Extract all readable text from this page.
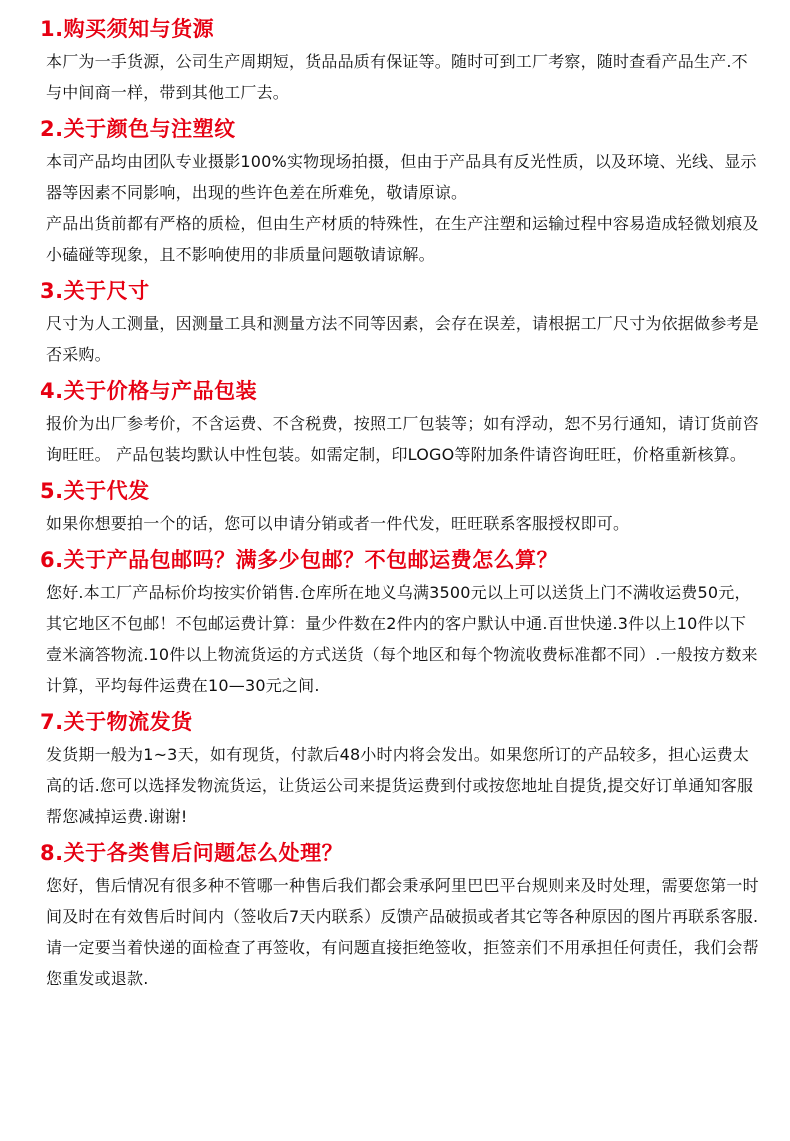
1.购买须知与货源
本厂为一手货源，公司生产周期短，货品品质有保证等。随时可到工厂考察，随时查看产品生产.不与中间商一样，带到其他工厂去。
2.关于颜色与注塑纹
本司产品均由团队专业摄影100%实物现场拍摄，但由于产品具有反光性质，以及环境、光线、显示器等因素不同影响，出现的些许色差在所难免，敬请原谅。
产品出货前都有严格的质检，但由生产材质的特殊性，在生产注塑和运输过程中容易造成轻微划痕及小磕碰等现象，且不影响使用的非质量问题敬请谅解。
3.关于尺寸
尺寸为人工测量，因测量工具和测量方法不同等因素，会存在误差，请根据工厂尺寸为依据做参考是否采购。
4.关于价格与产品包装
报价为出厂参考价，不含运费、不含税费，按照工厂包装等；如有浮动，恕不另行通知，请订货前咨询旺旺。 产品包装均默认中性包装。如需定制，印LOGO等附加条件请咨询旺旺，价格重新核算。
5.关于代发
如果你想要拍一个的话，您可以申请分销或者一件代发，旺旺联系客服授权即可。
6.关于产品包邮吗？满多少包邮？不包邮运费怎么算？
您好.本工厂产品标价均按实价销售.仓库所在地义乌满3500元以上可以送货上门不满收运费50元，其它地区不包邮！不包邮运费计算：量少件数在2件内的客户默认中通.百世快递.3件以上10件以下壹米滴答物流.10件以上物流货运的方式送货（每个地区和每个物流收费标准都不同）.一般按方数来计算，平均每件运费在10—30元之间.
7.关于物流发货
发货期一般为1~3天，如有现货，付款后48小时内将会发出。如果您所订的产品较多，担心运费太高的话.您可以选择发物流货运，让货运公司来提货运费到付或按您地址自提货,提交好订单通知客服帮您减掉运费.谢谢!
8.关于各类售后问题怎么处理？
您好，售后情况有很多种不管哪一种售后我们都会秉承阿里巴巴平台规则来及时处理，需要您第一时间及时在有效售后时间内（签收后7天内联系）反馈产品破损或者其它等各种原因的图片再联系客服.请一定要当着快递的面检查了再签收，有问题直接拒绝签收，拒签亲们不用承担任何责任，我们会帮您重发或退款.
